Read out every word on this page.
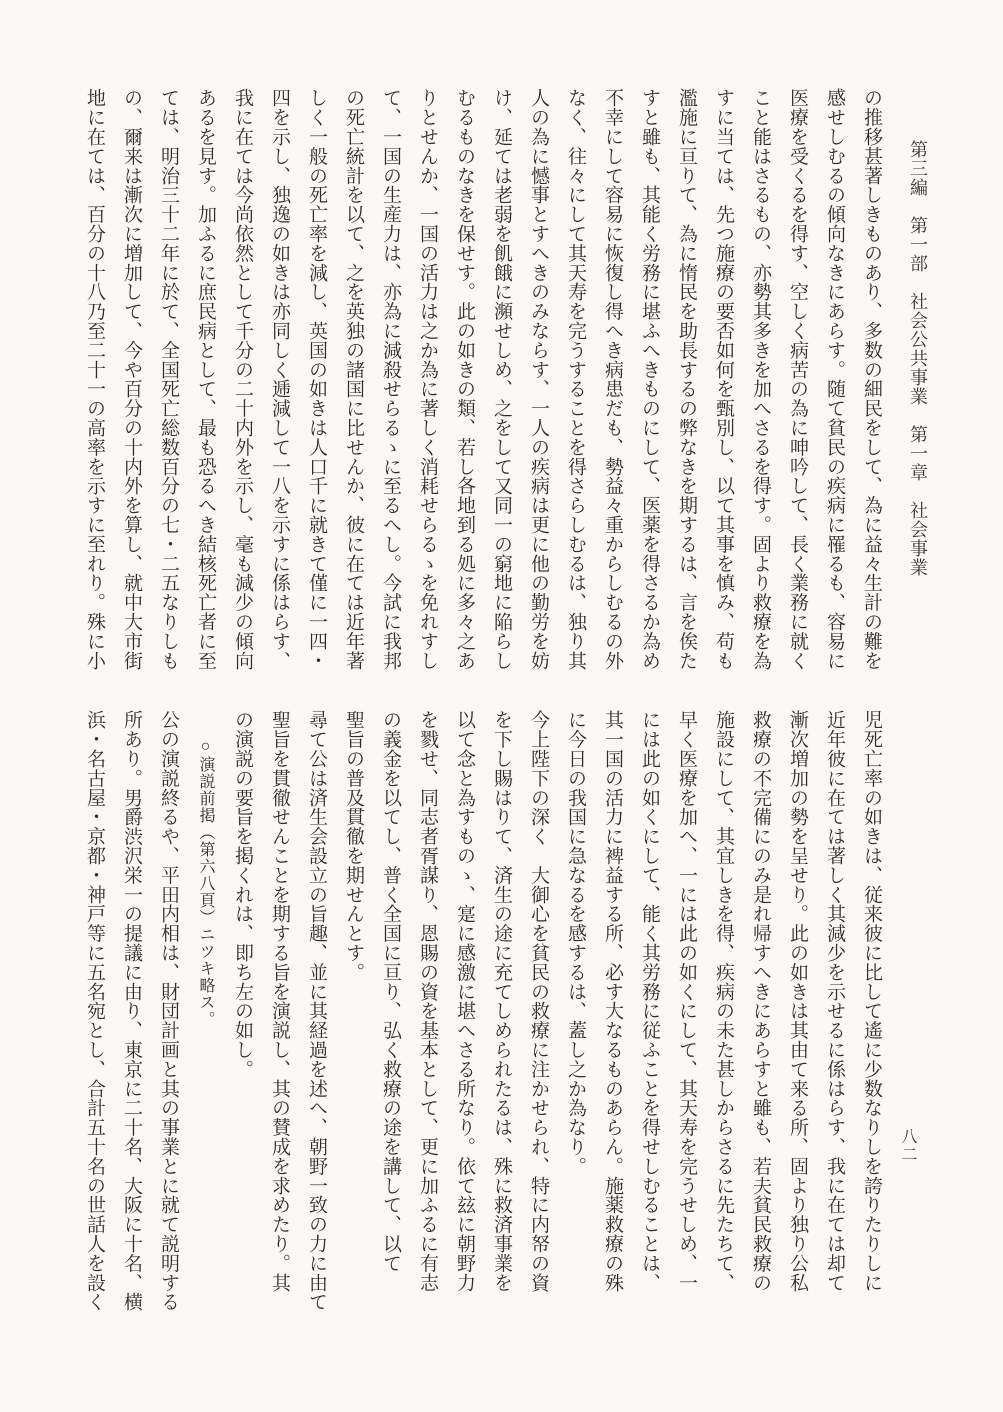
第三編　第一部　社会公共事業　第一章　社会事業
の推移甚著しきものあり、多数の細民をして、為に益々生計の難を
感せしむるの傾向なきにあらす。随て貧民の疾病に罹るも、容易に
医療を受くるを得す、空しく病苦の為に呻吟して、長く業務に就く
こと能はさるもの、亦勢其多きを加へさるを得す。固より救療を為
すに当ては、先つ施療の要否如何を甄別し、以て其事を慎み、苟も
濫施に亘りて、為に惰民を助長するの弊なきを期するは、言を俟た
すと雖も、其能く労務に堪ふへきものにして、医薬を得さるか為め
不幸にして容易に恢復し得へき病患だも、勢益々重からしむるの外
なく、往々にして其天寿を完うすることを得さらしむるは、独り其
人の為に憾事とすへきのみならす、一人の疾病は更に他の勤労を妨
け、延ては老弱を飢餓に瀕せしめ、之をして又同一の窮地に陥らし
むるものなきを保せす。此の如きの類、若し各地到る処に多々之あ
りとせんか、一国の活力は之か為に著しく消耗せらるゝを免れすし
て、一国の生産力は、亦為に減殺せらるゝに至るへし。今試に我邦
の死亡統計を以て、之を英独の諸国に比せんか、彼に在ては近年著
しく一般の死亡率を減し、英国の如きは人口千に就きて僅に一四・
四を示し、独逸の如きは亦同しく逓減して一八を示すに係はらす、
我に在ては今尚依然として千分の二十内外を示し、毫も減少の傾向
あるを見す。加ふるに庶民病として、最も恐るへき結核死亡者に至
ては、明治三十二年に於て、全国死亡総数百分の七・二五なりしも
の、爾来は漸次に増加して、今や百分の十内外を算し、就中大市街
地に在ては、百分の十八乃至二十一の高率を示すに至れり。殊に小
児死亡率の如きは、従来彼に比して遙に少数なりしを誇りたりしに
近年彼に在ては著しく其減少を示せるに係はらす、我に在ては却て
漸次増加の勢を呈せり。此の如きは其由て来る所、固より独り公私
救療の不完備にのみ是れ帰すへきにあらすと雖も、若夫貧民救療の
施設にして、其宜しきを得、疾病の未た甚しからさるに先たちて、
早く医療を加へ、一には此の如くにして、其天寿を完うせしめ、一
には此の如くにして、能く其労務に従ふことを得せしむることは、
其一国の活力に裨益する所、必す大なるものあらん。施薬救療の殊
に今日の我国に急なるを感するは、蓋し之か為なり。
今上陛下の深く　大御心を貧民の救療に注かせられ、特に内帑の資
を下し賜はりて、済生の途に充てしめられたるは、殊に救済事業を
以て念と為すものゝ、寔に感激に堪へさる所なり。依て玆に朝野力
を戮せ、同志者胥謀り、恩賜の資を基本として、更に加ふるに有志
の義金を以てし、普く全国に亘り、弘く救療の途を講して、以て
聖旨の普及貫徹を期せんとす。
尋て公は済生会設立の旨趣、並に其経過を述へ、朝野一致の力に由て
聖旨を貫徹せんことを期する旨を演説し、其の賛成を求めたり。其
の演説の要旨を掲くれは、即ち左の如し。
○演説前掲（第六八頁）ニツキ略ス。
公の演説終るや、平田内相は、財団計画と其の事業とに就て説明する
所あり。男爵渋沢栄一の提議に由り、東京に二十名、大阪に十名、横
浜・名古屋・京都・神戸等に五名宛とし、合計五十名の世話人を設く	八二
